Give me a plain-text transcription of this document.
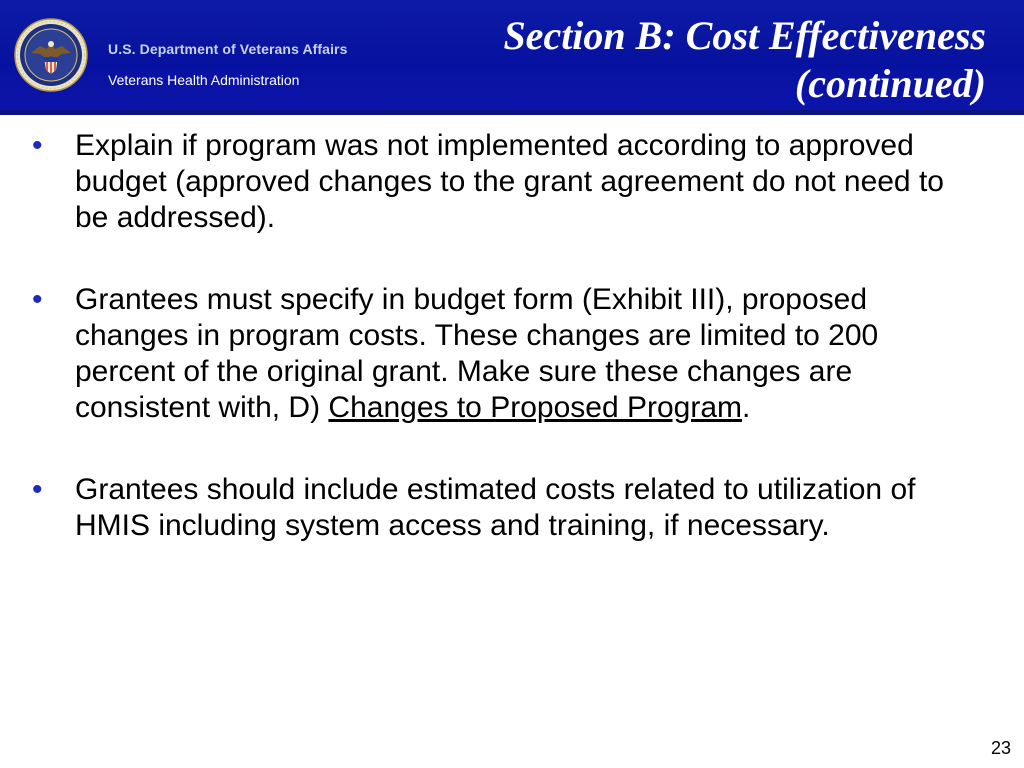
U.S. Department of Veterans Affairs
Veterans Health Administration
Section B: Cost Effectiveness
(continued)
•	Explain if program was not implemented according to approved budget (approved changes to the grant agreement do not need to be addressed).
•	Grantees must specify in budget form (Exhibit III), proposed changes in program costs. These changes are limited to 200 percent of the original grant. Make sure these changes are consistent with, D) Changes to Proposed Program.
•	Grantees should include estimated costs related to utilization of HMIS including system access and training, if necessary.
23
